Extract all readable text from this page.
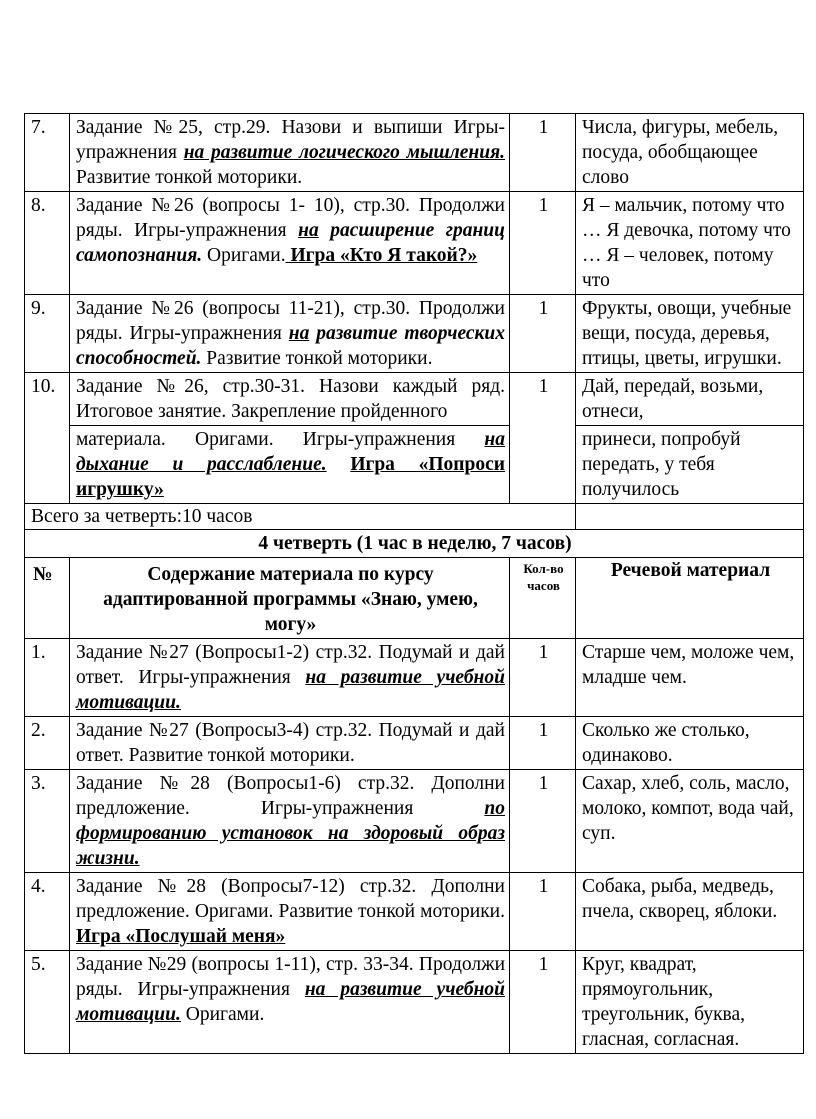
7.	Задание №25, стр.29. Назови и выпиши Игры-упражнения на развитие логического мышления. Развитие тонкой моторики.	1	Числа, фигуры, мебель, посуда, обобщающее слово
8.	Задание №26 (вопросы 1- 10), стр.30. Продолжи ряды. Игры-упражнения на расширение границ самопознания. Оригами. Игра «Кто Я такой?»	1	Я – мальчик, потому что … Я девочка, потому что … Я – человек, потому что
9.	Задание №26 (вопросы 11-21), стр.30. Продолжи ряды. Игры-упражнения на развитие творческих способностей. Развитие тонкой моторики.	1	Фрукты, овощи, учебные вещи, посуда, деревья, птицы, цветы, игрушки.
10.	Задание №26, стр.30-31. Назови каждый ряд. Итоговое занятие. Закрепление пройденного	1	Дай, передай, возьми, отнеси,
	материала. Оригами. Игры-упражнения на дыхание и расслабление. Игра «Попроси игрушку»		принеси, попробуй передать, у тебя получилось
Всего за четверть:10 часов			
4 четверть (1 час в неделю, 7 часов)			
№	Содержание материала по курсу адаптированной программы «Знаю, умею, могу»	Кол-во часов	Речевой материал
1.	Задание №27 (Вопросы1-2) стр.32. Подумай и дай ответ. Игры-упражнения на развитие учебной мотивации.	1	Старше чем, моложе чем, младше чем.
2.	Задание №27 (Вопросы3-4) стр.32. Подумай и дай ответ. Развитие тонкой моторики.	1	Сколько же столько, одинаково.
3.	Задание №28 (Вопросы1-6) стр.32. Дополни предложение. Игры-упражнения по формированию установок на здоровый образ жизни.	1	Сахар, хлеб, соль, масло, молоко, компот, вода чай, суп.
4.	Задание №28 (Вопросы7-12) стр.32. Дополни предложение. Оригами. Развитие тонкой моторики. Игра «Послушай меня»	1	Собака, рыба, медведь, пчела, скворец, яблоки.
5.	Задание №29 (вопросы 1-11), стр. 33-34. Продолжи ряды. Игры-упражнения на развитие учебной мотивации. Оригами.	1	Круг, квадрат, прямоугольник, треугольник, буква, гласная, согласная.
